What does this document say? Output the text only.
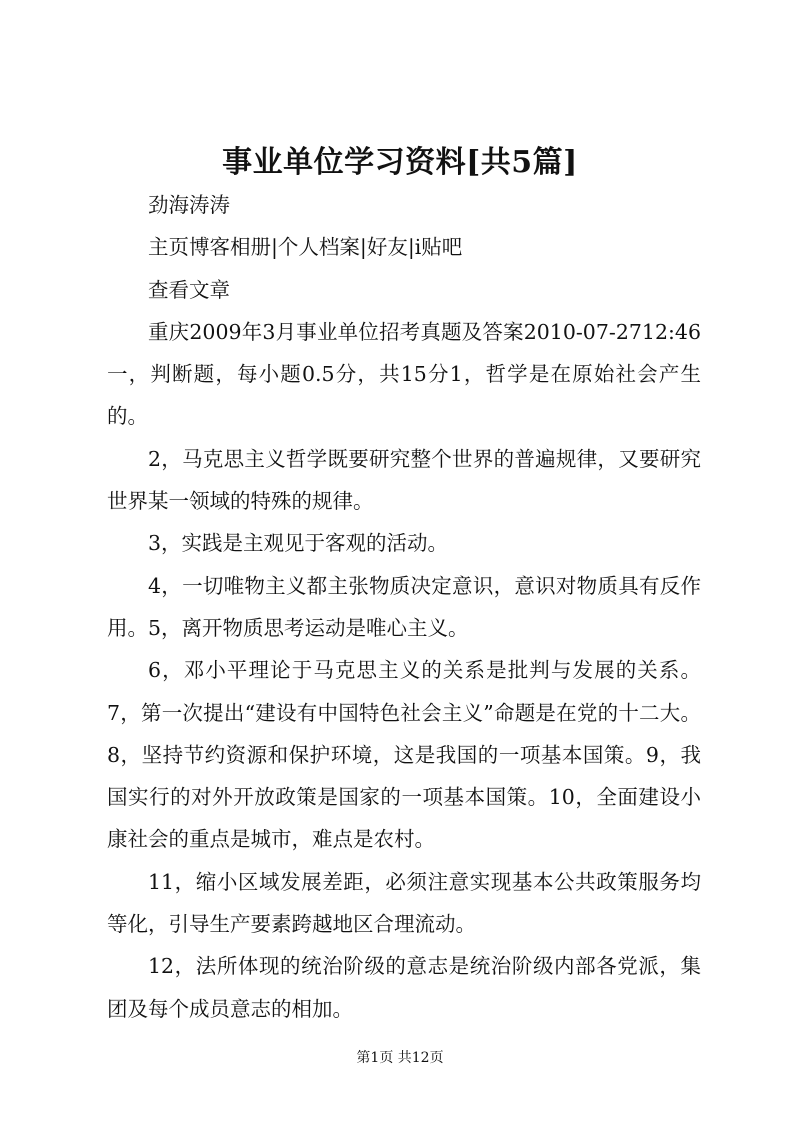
事业单位学习资料[共5篇]

劲海涛涛

主页博客相册|个人档案|好友|i贴吧

查看文章

重庆2009年3月事业单位招考真题及答案2010-07-2712:46一，判断题，每小题0.5分，共15分1，哲学是在原始社会产生的。

2，马克思主义哲学既要研究整个世界的普遍规律，又要研究世界某一领域的特殊的规律。

3，实践是主观见于客观的活动。

4，一切唯物主义都主张物质决定意识，意识对物质具有反作用。5，离开物质思考运动是唯心主义。

6，邓小平理论于马克思主义的关系是批判与发展的关系。7，第一次提出“建设有中国特色社会主义”命题是在党的十二大。8，坚持节约资源和保护环境，这是我国的一项基本国策。9，我国实行的对外开放政策是国家的一项基本国策。10，全面建设小康社会的重点是城市，难点是农村。

11，缩小区域发展差距，必须注意实现基本公共政策服务均等化，引导生产要素跨越地区合理流动。

12，法所体现的统治阶级的意志是统治阶级内部各党派，集团及每个成员意志的相加。

第1页 共12页
